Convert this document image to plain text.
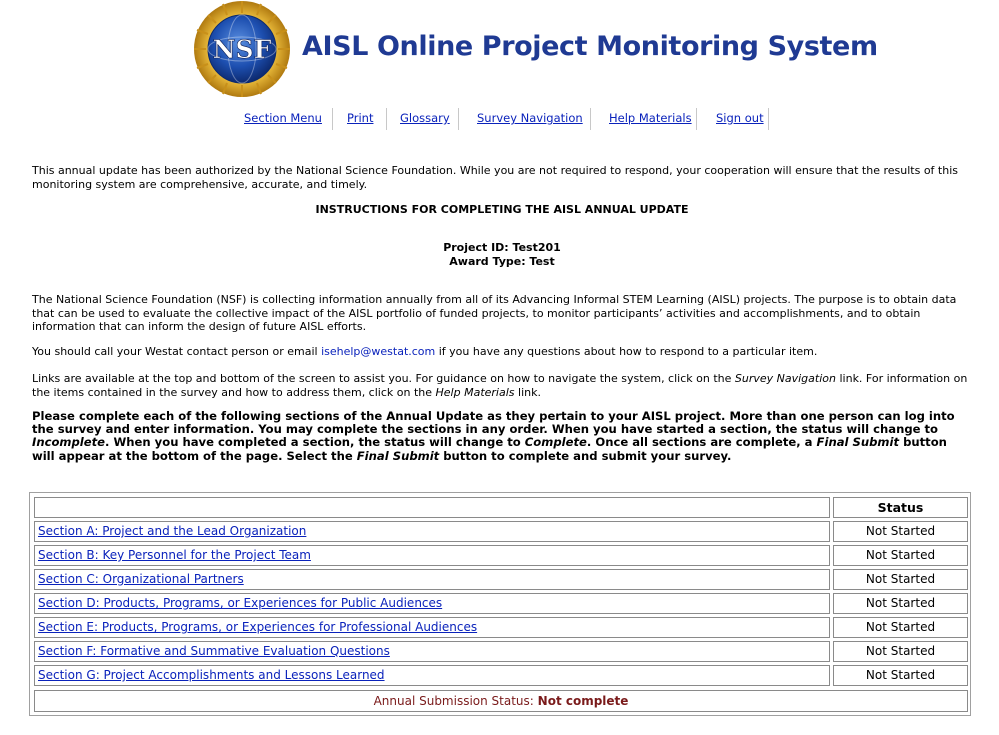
NSF AISL Online Project Monitoring System
Section Menu Print Glossary Survey Navigation Help Materials Sign out
This annual update has been authorized by the National Science Foundation. While you are not required to respond, your cooperation will ensure that the results of this monitoring system are comprehensive, accurate, and timely.
INSTRUCTIONS FOR COMPLETING THE AISL ANNUAL UPDATE
Project ID: Test201
Award Type: Test
The National Science Foundation (NSF) is collecting information annually from all of its Advancing Informal STEM Learning (AISL) projects. The purpose is to obtain data that can be used to evaluate the collective impact of the AISL portfolio of funded projects, to monitor participants’ activities and accomplishments, and to obtain information that can inform the design of future AISL efforts.
You should call your Westat contact person or email isehelp@westat.com if you have any questions about how to respond to a particular item.
Links are available at the top and bottom of the screen to assist you. For guidance on how to navigate the system, click on the Survey Navigation link. For information on the items contained in the survey and how to address them, click on the Help Materials link.
Please complete each of the following sections of the Annual Update as they pertain to your AISL project. More than one person can log into the survey and enter information. You may complete the sections in any order. When you have started a section, the status will change to Incomplete. When you have completed a section, the status will change to Complete. Once all sections are complete, a Final Submit button will appear at the bottom of the page. Select the Final Submit button to complete and submit your survey.
Status
Section A: Project and the Lead Organization	Not Started
Section B: Key Personnel for the Project Team	Not Started
Section C: Organizational Partners	Not Started
Section D: Products, Programs, or Experiences for Public Audiences	Not Started
Section E: Products, Programs, or Experiences for Professional Audiences	Not Started
Section F: Formative and Summative Evaluation Questions	Not Started
Section G: Project Accomplishments and Lessons Learned	Not Started
Annual Submission Status: Not complete
